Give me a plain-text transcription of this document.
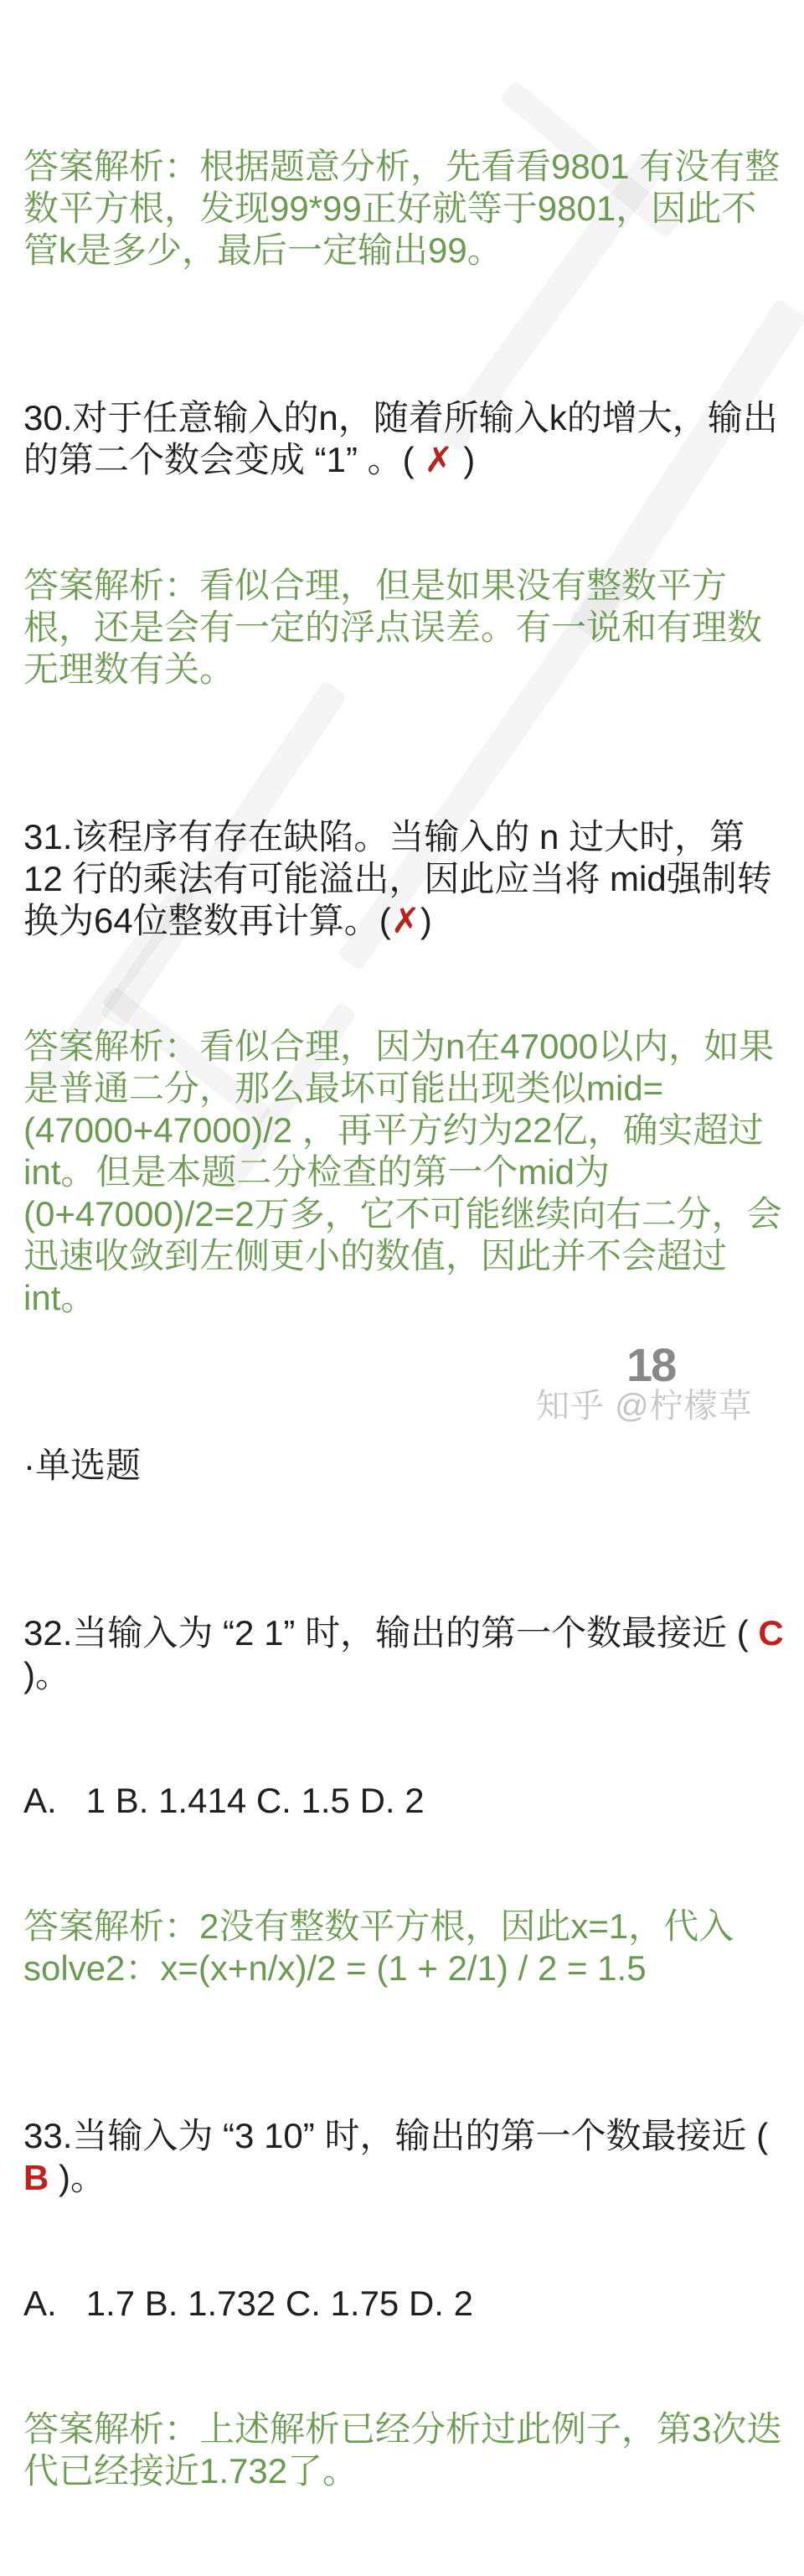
答案解析：根据题意分析，先看看9801 有没有整数平方根，发现99*99正好就等于9801，因此不管k是多少，最后一定输出99。

30.对于任意输入的n，随着所输入k的增大，输出的第二个数会变成 “1” 。( ✗ )

答案解析：看似合理，但是如果没有整数平方根，还是会有一定的浮点误差。有一说和有理数无理数有关。

31.该程序有存在缺陷。当输入的 n 过大时，第 12 行的乘法有可能溢出，因此应当将 mid强制转换为64位整数再计算。(✗)

答案解析：看似合理，因为n在47000以内，如果是普通二分，那么最坏可能出现类似mid=(47000+47000)/2 ，再平方约为22亿，确实超过int。但是本题二分检查的第一个mid为(0+47000)/2=2万多，它不可能继续向右二分，会迅速收敛到左侧更小的数值，因此并不会超过int。

·单选题

32.当输入为 “2 1” 时，输出的第一个数最接近 ( C )。

A.   1 B. 1.414 C. 1.5 D. 2

答案解析：2没有整数平方根，因此x=1，代入solve2：x=(x+n/x)/2 = (1 + 2/1) / 2 = 1.5

33.当输入为 “3 10” 时，输出的第一个数最接近 ( B )。

A.   1.7 B. 1.732 C. 1.75 D. 2

答案解析：上述解析已经分析过此例子，第3次迭代已经接近1.732了。

18
知乎 @柠檬草
